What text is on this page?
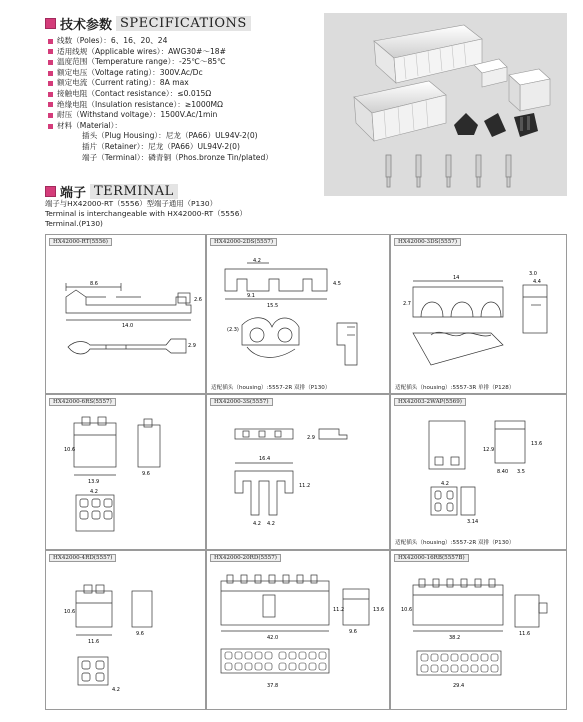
技术参数 SPECIFICATIONS
线数（Poles）：6、16、20、24
适用线规（Applicable wires）：AWG30#～18#
温度范围（Temperature range）：-25℃～85℃
额定电压（Voltage rating）：300V.Ac/Dc
额定电流（Current rating）：8A max
接触电阻（Contact resistance）：≤0.015Ω
绝缘电阻（Insulation resistance）：≥1000MΩ
耐压（Withstand voltage）：1500V.Ac/1min
材料（Material）：
插头（Plug Housing）：尼龙（PA66）UL94V-2(0)
插片（Retainer）：尼龙（PA66）UL94V-2(0)
端子（Terminal）：磷青铜（Phos.bronze Tin/plated）
端子 TERMINAL
端子与HX42000-RT（5556）型端子通用（P130）
Terminal is interchangeable with HX42000-RT（5556）
Terminal.(P130)
HX42000-RT(5556)
8.6
14.0
2.6
2.9
HX42000-2DS(5557)
4.2
15.5
4.5
9.1
(2.3)
适配插头（housing）:5557-2R 双排（P130）
HX42000-3DS(5557)
14
3.0
4.4
2.7
适配插头（housing）:5557-3R 单排（P128）
HX42000-6RS(5557)
13.9
9.6
10.6
4.2
HX42000-3S(5557)
16.4
2.9
11.2
4.2 4.2
HX42003-2WAP(5569)
12.9
13.6
8.40 3.5
4.2
3.14
适配插头（housing）:5557-2R 双排（P130）
HX42000-4RD(5557)
10.6
11.6
9.6
4.2
HX42000-20RD(5557)
42.0
11.2	13.6
9.6
37.8
HX42000-16RB(5557B)
38.2
10.6
11.6
29.4
